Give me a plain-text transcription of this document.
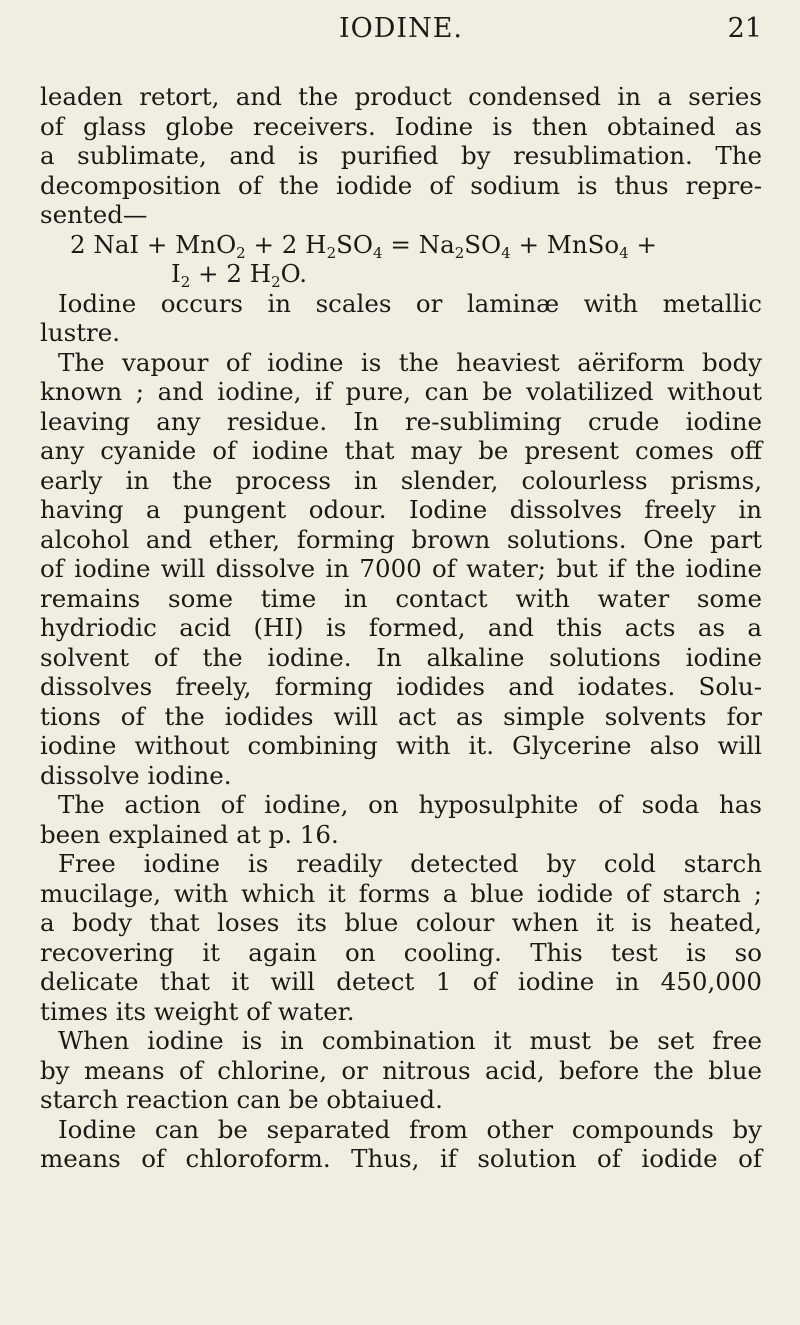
IODINE.	21
leaden retort, and the product condensed in a series
of glass globe receivers. Iodine is then obtained as
a sublimate, and is purified by resublimation. The
decomposition of the iodide of sodium is thus repre-
sented—
2 NaI + MnO$_2$ + 2 $H_2SO_4 = Na_2SO_4$ + MnSo$_4$ +
$I_2 + 2$ $H_2O$.
Iodine occurs in scales or laminæ with metallic
lustre.
The vapour of iodine is the heaviest aëriform body
known ; and iodine, if pure, can be volatilized without
leaving any residue. In re-subliming crude iodine
any cyanide of iodine that may be present comes off
early in the process in slender, colourless prisms,
having a pungent odour. Iodine dissolves freely in
alcohol and ether, forming brown solutions. One part
of iodine will dissolve in 7000 of water; but if the iodine
remains some time in contact with water some
hydriodic acid (HI) is formed, and this acts as a
solvent of the iodine. In alkaline solutions iodine
dissolves freely, forming iodides and iodates. Solu-
tions of the iodides will act as simple solvents for
iodine without combining with it. Glycerine also will
dissolve iodine.
The action of iodine, on hyposulphite of soda has
been explained at p. 16.
Free iodine is readily detected by cold starch
mucilage, with which it forms a blue iodide of starch ;
a body that loses its blue colour when it is heated,
recovering it again on cooling. This test is so
delicate that it will detect 1 of iodine in 450,000
times its weight of water.
When iodine is in combination it must be set free
by means of chlorine, or nitrous acid, before the blue
starch reaction can be obtaiued.
Iodine can be separated from other compounds by
means of chloroform. Thus, if solution of iodide of
